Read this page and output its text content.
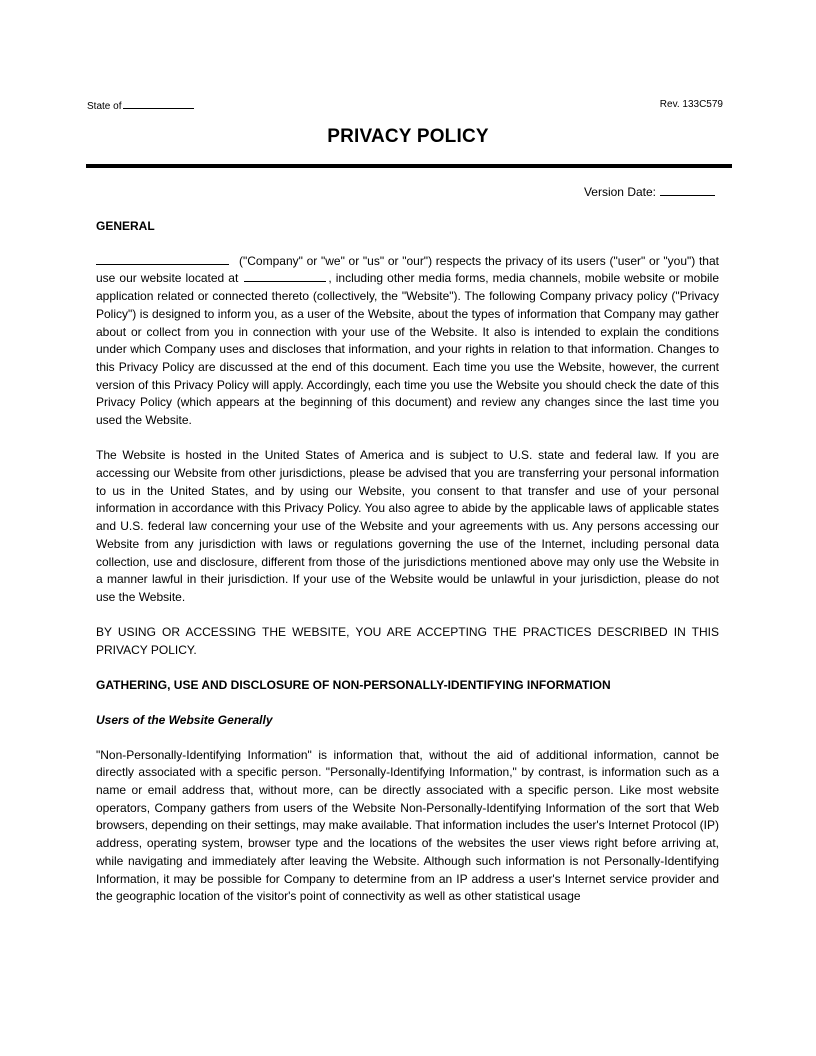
State of	Rev. 133C579
PRIVACY POLICY
Version Date:
GENERAL

("Company" or "we" or "us" or "our") respects the privacy of its users ("user" or "you") that use our website located at	, including other media forms, media channels, mobile website or mobile application related or connected thereto (collectively, the "Website"). The following Company privacy policy ("Privacy Policy") is designed to inform you, as a user of the Website, about the types of information that Company may gather about or collect from you in connection with your use of the Website. It also is intended to explain the conditions under which Company uses and discloses that information, and your rights in relation to that information. Changes to this Privacy Policy are discussed at the end of this document. Each time you use the Website, however, the current version of this Privacy Policy will apply. Accordingly, each time you use the Website you should check the date of this Privacy Policy (which appears at the beginning of this document) and review any changes since the last time you used the Website.

The Website is hosted in the United States of America and is subject to U.S. state and federal law. If you are accessing our Website from other jurisdictions, please be advised that you are transferring your personal information to us in the United States, and by using our Website, you consent to that transfer and use of your personal information in accordance with this Privacy Policy. You also agree to abide by the applicable laws of applicable states and U.S. federal law concerning your use of the Website and your agreements with us. Any persons accessing our Website from any jurisdiction with laws or regulations governing the use of the Internet, including personal data collection, use and disclosure, different from those of the jurisdictions mentioned above may only use the Website in a manner lawful in their jurisdiction. If your use of the Website would be unlawful in your jurisdiction, please do not use the Website.

BY USING OR ACCESSING THE WEBSITE, YOU ARE ACCEPTING THE PRACTICES DESCRIBED IN THIS PRIVACY POLICY.

GATHERING, USE AND DISCLOSURE OF NON-PERSONALLY-IDENTIFYING INFORMATION
Users of the Website Generally

"Non-Personally-Identifying Information" is information that, without the aid of additional information, cannot be directly associated with a specific person. "Personally-Identifying Information," by contrast, is information such as a name or email address that, without more, can be directly associated with a specific person. Like most website operators, Company gathers from users of the Website Non-Personally-Identifying Information of the sort that Web browsers, depending on their settings, may make available. That information includes the user's Internet Protocol (IP) address, operating system, browser type and the locations of the websites the user views right before arriving at, while navigating and immediately after leaving the Website. Although such information is not Personally-Identifying Information, it may be possible for Company to determine from an IP address a user's Internet service provider and the geographic location of the visitor's point of connectivity as well as other statistical usage
